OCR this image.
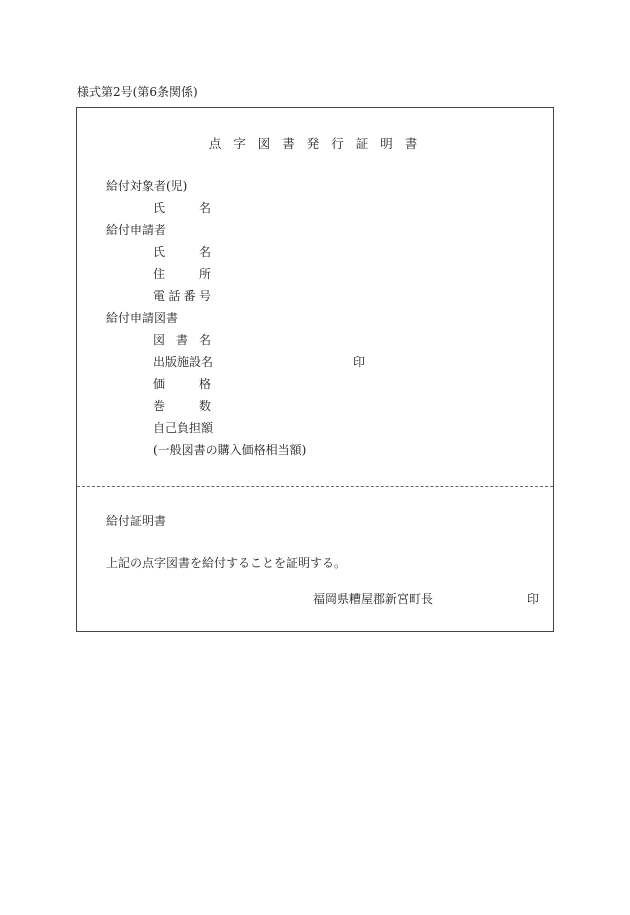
様式第2号(第6条関係)
点字図書発行証明書
給付対象者(児)
氏名
給付申請者
氏名
住所
電話番号
給付申請図書
図書名
出版施設名	印
価格
巻数
自己負担額
(一般図書の購入価格相当額)
給付証明書
上記の点字図書を給付することを証明する。
福岡県糟屋郡新宮町長	印
